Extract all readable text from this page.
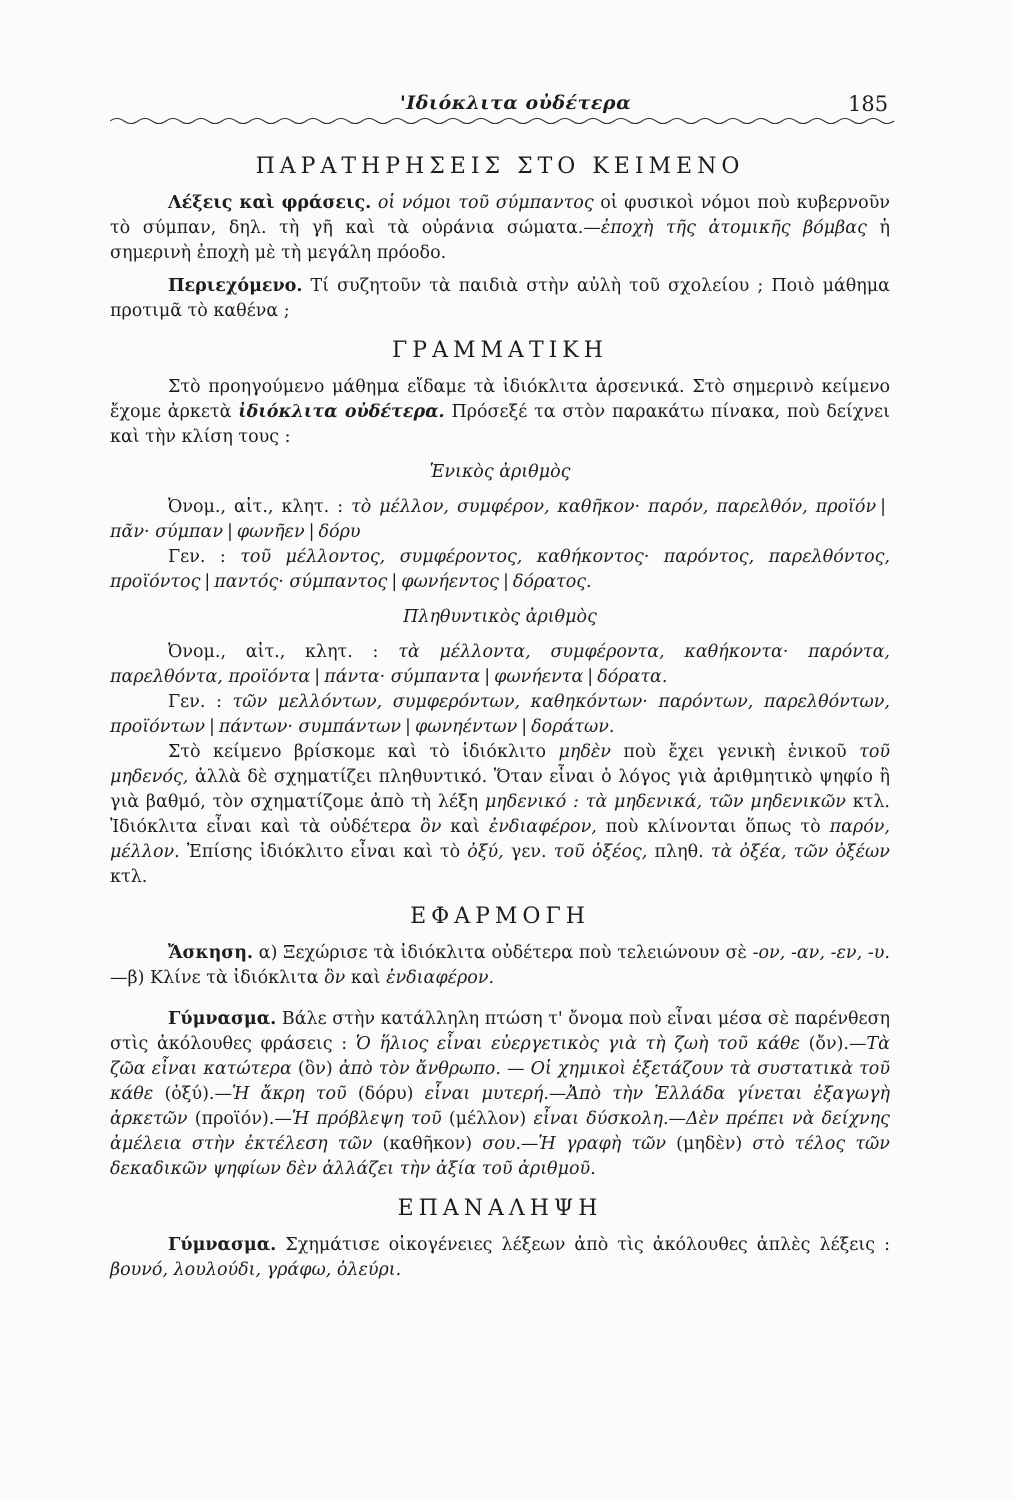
'Ιδιόκλιτα οὐδέτερα	185
ΠΑΡΑΤΗΡΗΣΕΙΣ ΣΤΟ ΚΕΙΜΕΝΟ

Λέξεις καὶ φράσεις. οἱ νόμοι τοῦ σύμπαντος οἱ φυσικοὶ νόμοι ποὺ κυβερνοῦν τὸ σύμπαν, δηλ. τὴ γῆ καὶ τὰ οὐράνια σώματα.—ἐποχὴ τῆς ἀτομικῆς βόμβας ἡ σημερινὴ ἐποχὴ μὲ τὴ μεγάλη πρόοδο.

Περιεχόμενο. Τί συζητοῦν τὰ παιδιὰ στὴν αὐλὴ τοῦ σχολείου ; Ποιὸ μάθημα προτιμᾶ τὸ καθένα ;

ΓΡΑΜΜΑΤΙΚΗ

Στὸ προηγούμενο μάθημα εἴδαμε τὰ ἰδιόκλιτα ἀρσενικά. Στὸ σημερινὸ κείμενο ἔχομε ἀρκετὰ ἰδιόκλιτα οὐδέτερα. Πρόσεξέ τα στὸν παρακάτω πίνακα, ποὺ δείχνει καὶ τὴν κλίση τους :

Ἑνικὸς ἀριθμὸς

Ὀνομ., αἰτ., κλητ. : τὸ μέλλον, συμφέρον, καθῆκον· παρόν, παρελθόν, προϊόν |πᾶν· σύμπαν | φωνῆεν | δόρυ

Γεν. : τοῦ μέλλοντος, συμφέροντος, καθήκοντος· παρόντος, παρελθόντος, προϊόντος | παντός· σύμπαντος | φωνήεντος | δόρατος.

Πληθυντικὸς ἀριθμὸς

Ὀνομ., αἰτ., κλητ. : τὰ μέλλοντα, συμφέροντα, καθήκοντα· παρόντα, παρελθόντα, προϊόντα | πάντα· σύμπαντα | φωνήεντα | δόρατα.

Γεν. : τῶν μελλόντων, συμφερόντων, καθηκόντων· παρόντων, παρελθόντων, προϊόντων | πάντων· συμπάντων | φωνηέντων | δοράτων.

Στὸ κείμενο βρίσκομε καὶ τὸ ἰδιόκλιτο μηδὲν ποὺ ἔχει γενικὴ ἑνικοῦ τοῦ μηδενός, ἀλλὰ δὲ σχηματίζει πληθυντικό. Ὅταν εἶναι ὁ λόγος γιὰ ἀριθμητικὸ ψηφίο ἢ γιὰ βαθμό, τὸν σχηματίζομε ἀπὸ τὴ λέξη μηδενικό : τὰ μηδενικά, τῶν μηδενικῶν κτλ. Ἰδιόκλιτα εἶναι καὶ τὰ οὐδέτερα ὂν καὶ ἐνδιαφέρον, ποὺ κλίνονται ὅπως τὸ παρόν, μέλλον. Ἐπίσης ἰδιόκλιτο εἶναι καὶ τὸ ὀξύ, γεν. τοῦ ὀξέος, πληθ. τὰ ὀξέα, τῶν ὀξέων κτλ.

ΕΦΑΡΜΟΓΗ

Ἄσκηση. α) Ξεχώρισε τὰ ἰδιόκλιτα οὐδέτερα ποὺ τελειώνουν σὲ -ον, -αν, -εν, -υ.—β) Κλίνε τὰ ἰδιόκλιτα ὂν καὶ ἐνδιαφέρον.

Γύμνασμα. Βάλε στὴν κατάλληλη πτώση τ' ὄνομα ποὺ εἶναι μέσα σὲ παρένθεση στὶς ἀκόλουθες φράσεις : Ὁ ἥλιος εἶναι εὐεργετικὸς γιὰ τὴ ζωὴ τοῦ κάθε (ὄν).—Τὰ ζῶα εἶναι κατώτερα (ὂν) ἀπὸ τὸν ἄνθρωπο. — Οἱ χημικοὶ ἐξετάζουν τὰ συστατικὰ τοῦ κάθε (ὀξύ).—Ἡ ἄκρη τοῦ (δόρυ) εἶναι μυτερή.—Ἀπὸ τὴν Ἑλλάδα γίνεται ἐξαγωγὴ ἀρκετῶν (προϊόν).—Ἡ πρόβλεψη τοῦ (μέλλον) εἶναι δύσκολη.—Δὲν πρέπει νὰ δείχνης ἀμέλεια στὴν ἐκτέλεση τῶν (καθῆκον) σου.—Ἡ γραφὴ τῶν (μηδὲν) στὸ τέλος τῶν δεκαδικῶν ψηφίων δὲν ἀλλάζει τὴν ἀξία τοῦ ἀριθμοῦ.

ΕΠΑΝΑΛΗΨΗ

Γύμνασμα. Σχημάτισε οἰκογένειες λέξεων ἀπὸ τὶς ἀκόλουθες ἁπλὲς λέξεις : βουνό, λουλούδι, γράφω, ὀλεύρι.
